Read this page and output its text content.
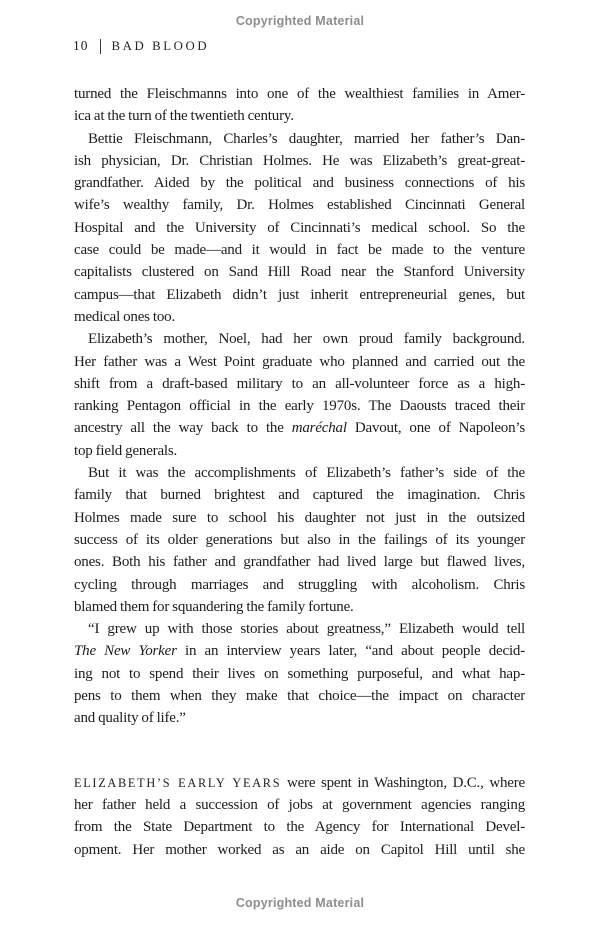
Copyrighted Material
10 BAD BLOOD
turned the Fleischmanns into one of the wealthiest families in Amer-
ica at the turn of the twentieth century.
Bettie Fleischmann, Charles’s daughter, married her father’s Dan-
ish physician, Dr. Christian Holmes. He was Elizabeth’s great-great-
grandfather. Aided by the political and business connections of his
wife’s wealthy family, Dr. Holmes established Cincinnati General
Hospital and the University of Cincinnati’s medical school. So the
case could be made—and it would in fact be made to the venture
capitalists clustered on Sand Hill Road near the Stanford University
campus—that Elizabeth didn’t just inherit entrepreneurial genes, but
medical ones too.
Elizabeth’s mother, Noel, had her own proud family background.
Her father was a West Point graduate who planned and carried out the
shift from a draft-based military to an all-volunteer force as a high-
ranking Pentagon official in the early 1970s. The Daousts traced their
ancestry all the way back to the maréchal Davout, one of Napoleon’s
top field generals.
But it was the accomplishments of Elizabeth’s father’s side of the
family that burned brightest and captured the imagination. Chris
Holmes made sure to school his daughter not just in the outsized
success of its older generations but also in the failings of its younger
ones. Both his father and grandfather had lived large but flawed lives,
cycling through marriages and struggling with alcoholism. Chris
blamed them for squandering the family fortune.
“I grew up with those stories about greatness,” Elizabeth would tell
The New Yorker in an interview years later, “and about people decid-
ing not to spend their lives on something purposeful, and what hap-
pens to them when they make that choice—the impact on character
and quality of life.”
ELIZABETH’S EARLY YEARS were spent in Washington, D.C., where
her father held a succession of jobs at government agencies ranging
from the State Department to the Agency for International Devel-
opment. Her mother worked as an aide on Capitol Hill until she
Copyrighted Material
